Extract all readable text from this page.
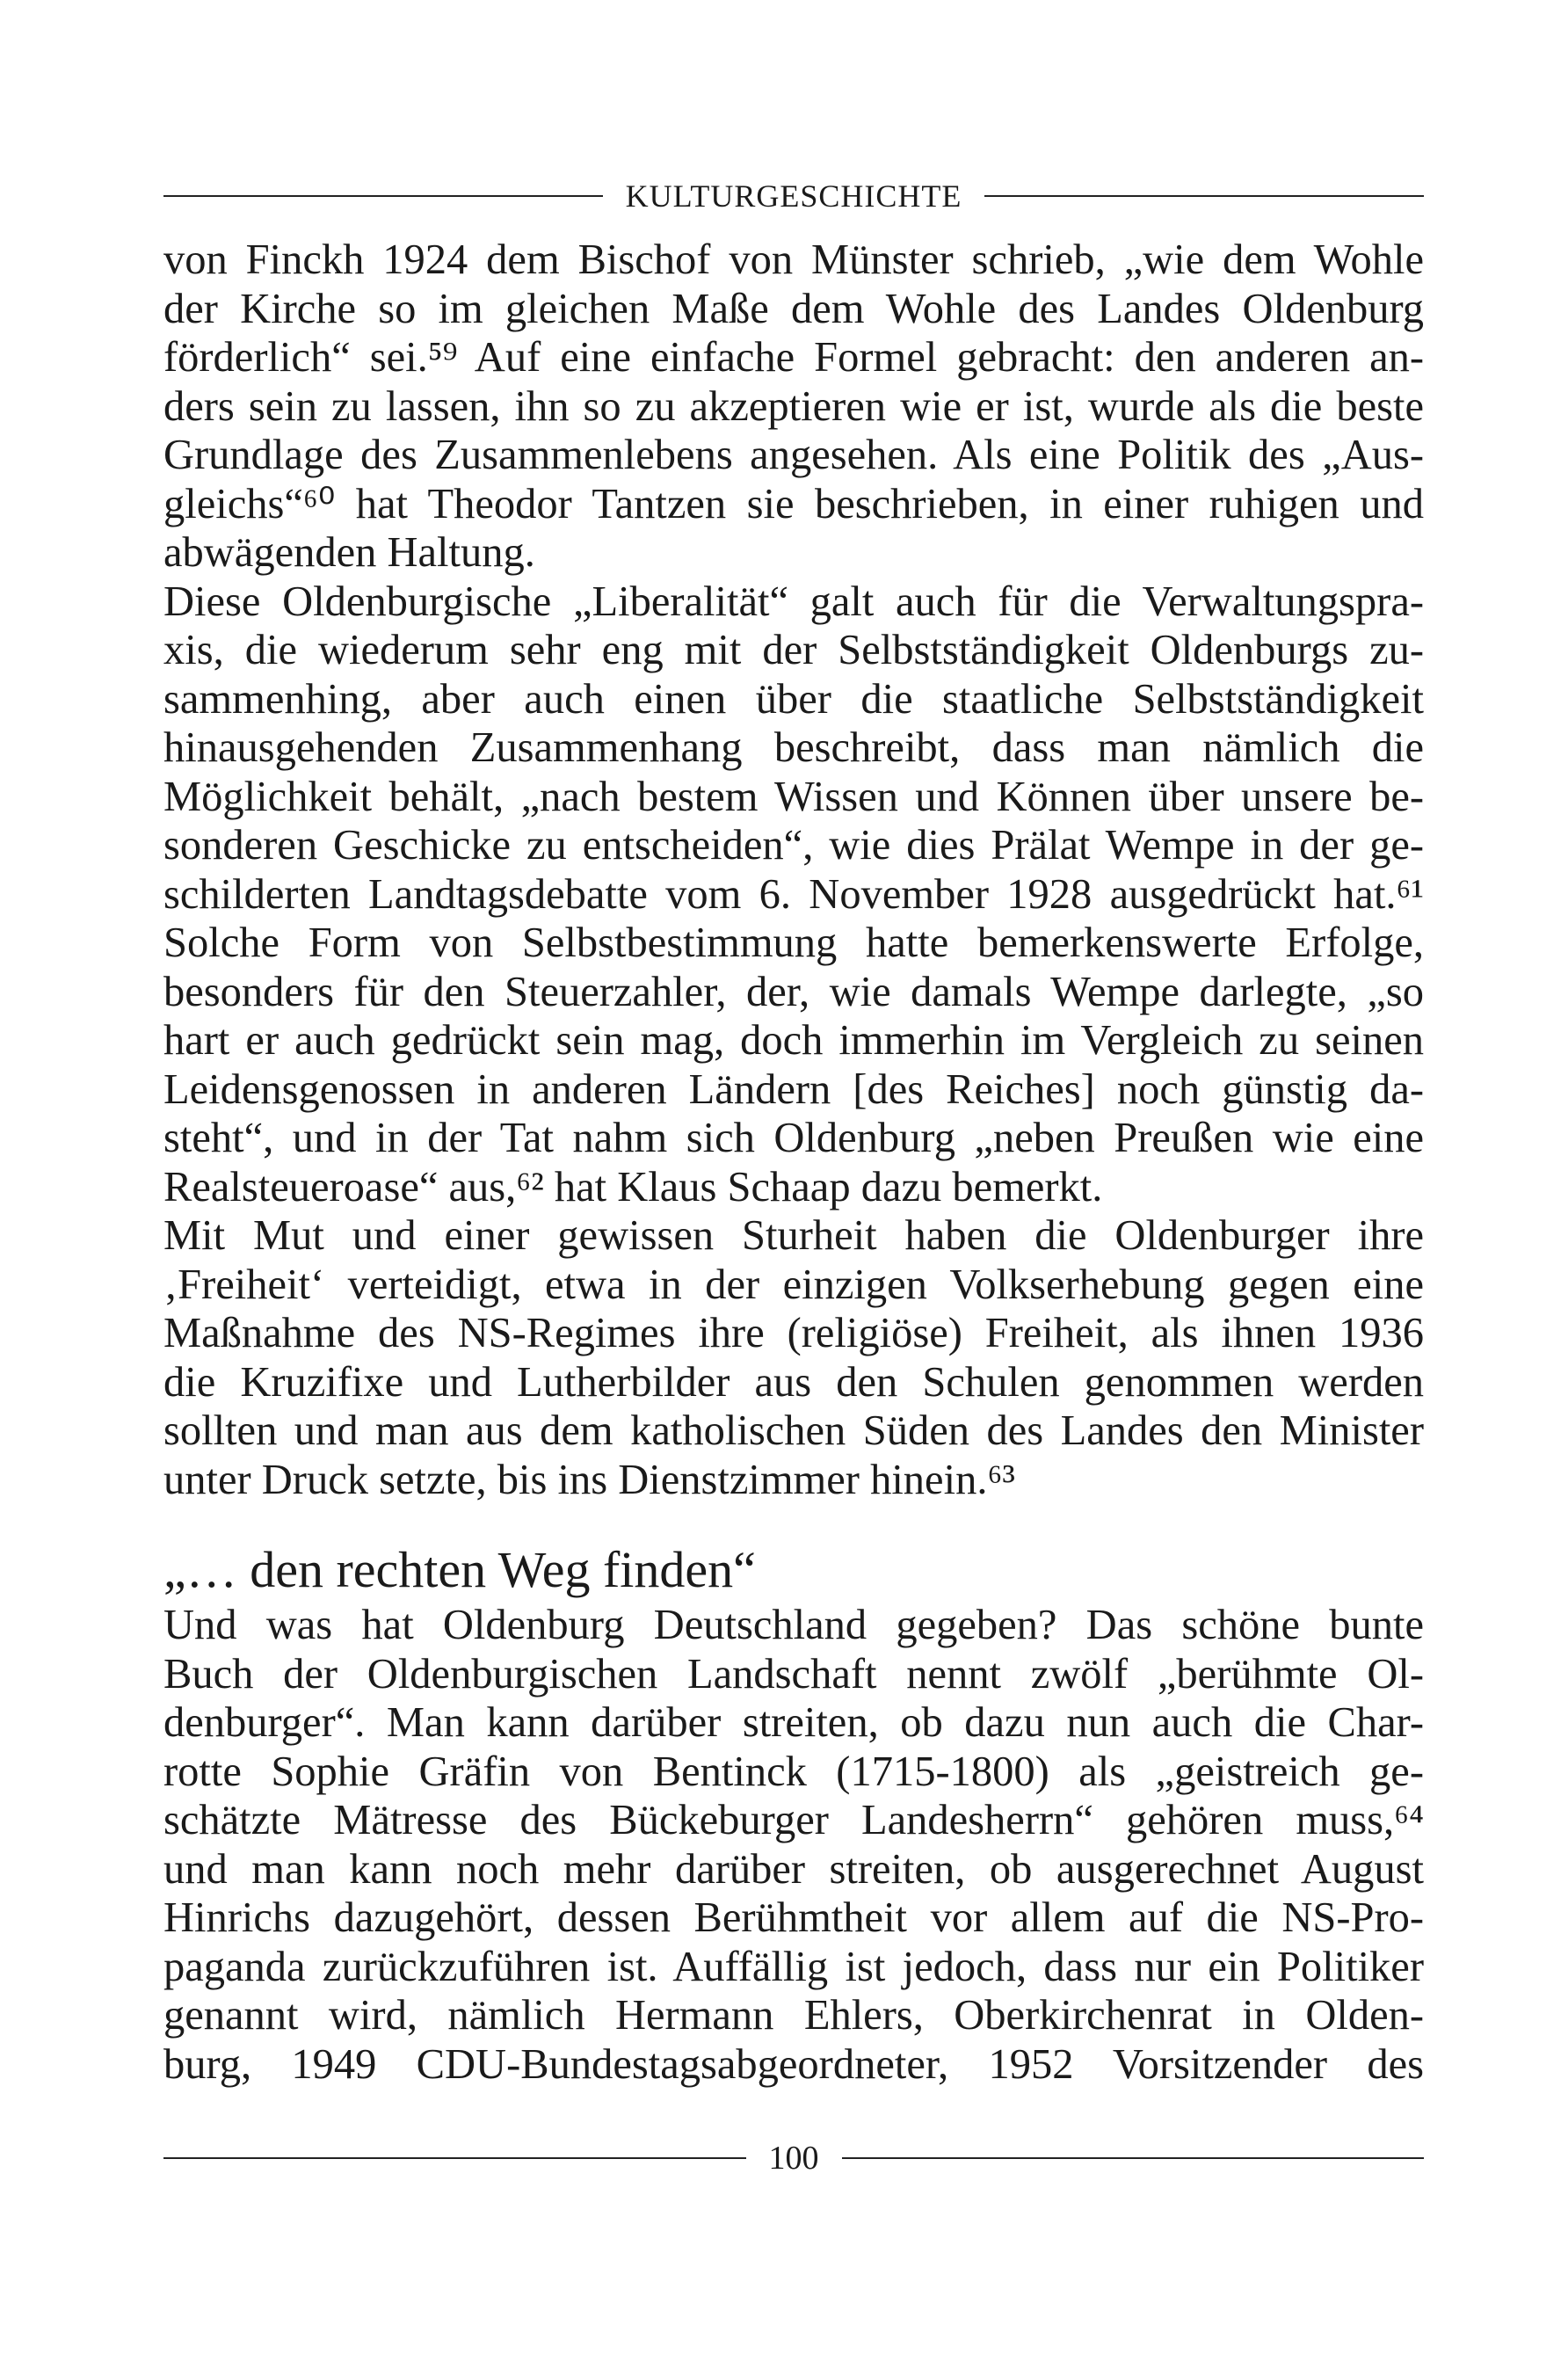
KULTURGESCHICHTE
von Finckh 1924 dem Bischof von Münster schrieb, „wie dem Wohle
der Kirche so im gleichen Maße dem Wohle des Landes Oldenburg
förderlich“ sei.⁵⁹ Auf eine einfache Formel gebracht: den anderen an-
ders sein zu lassen, ihn so zu akzeptieren wie er ist, wurde als die beste
Grundlage des Zusammenlebens angesehen. Als eine Politik des „Aus-
gleichs“⁶⁰ hat Theodor Tantzen sie beschrieben, in einer ruhigen und
abwägenden Haltung.
Diese Oldenburgische „Liberalität“ galt auch für die Verwaltungspra-
xis, die wiederum sehr eng mit der Selbstständigkeit Oldenburgs zu-
sammenhing, aber auch einen über die staatliche Selbstständigkeit
hinausgehenden Zusammenhang beschreibt, dass man nämlich die
Möglichkeit behält, „nach bestem Wissen und Können über unsere be-
sonderen Geschicke zu entscheiden“, wie dies Prälat Wempe in der ge-
schilderten Landtagsdebatte vom 6. November 1928 ausgedrückt hat.⁶¹
Solche Form von Selbstbestimmung hatte bemerkenswerte Erfolge,
besonders für den Steuerzahler, der, wie damals Wempe darlegte, „so
hart er auch gedrückt sein mag, doch immerhin im Vergleich zu seinen
Leidensgenossen in anderen Ländern [des Reiches] noch günstig da-
steht“, und in der Tat nahm sich Oldenburg „neben Preußen wie eine
Realsteueroase“ aus,⁶² hat Klaus Schaap dazu bemerkt.
Mit Mut und einer gewissen Sturheit haben die Oldenburger ihre
‚Freiheit‘ verteidigt, etwa in der einzigen Volkserhebung gegen eine
Maßnahme des NS-Regimes ihre (religiöse) Freiheit, als ihnen 1936
die Kruzifixe und Lutherbilder aus den Schulen genommen werden
sollten und man aus dem katholischen Süden des Landes den Minister
unter Druck setzte, bis ins Dienstzimmer hinein.⁶³
„… den rechten Weg finden“
Und was hat Oldenburg Deutschland gegeben? Das schöne bunte
Buch der Oldenburgischen Landschaft nennt zwölf „berühmte Ol-
denburger“. Man kann darüber streiten, ob dazu nun auch die Char-
rotte Sophie Gräfin von Bentinck (1715-1800) als „geistreich ge-
schätzte Mätresse des Bückeburger Landesherrn“ gehören muss,⁶⁴
und man kann noch mehr darüber streiten, ob ausgerechnet August
Hinrichs dazugehört, dessen Berühmtheit vor allem auf die NS-Pro-
paganda zurückzuführen ist. Auffällig ist jedoch, dass nur ein Politiker
genannt wird, nämlich Hermann Ehlers, Oberkirchenrat in Olden-
burg, 1949 CDU-Bundestagsabgeordneter, 1952 Vorsitzender des
100
